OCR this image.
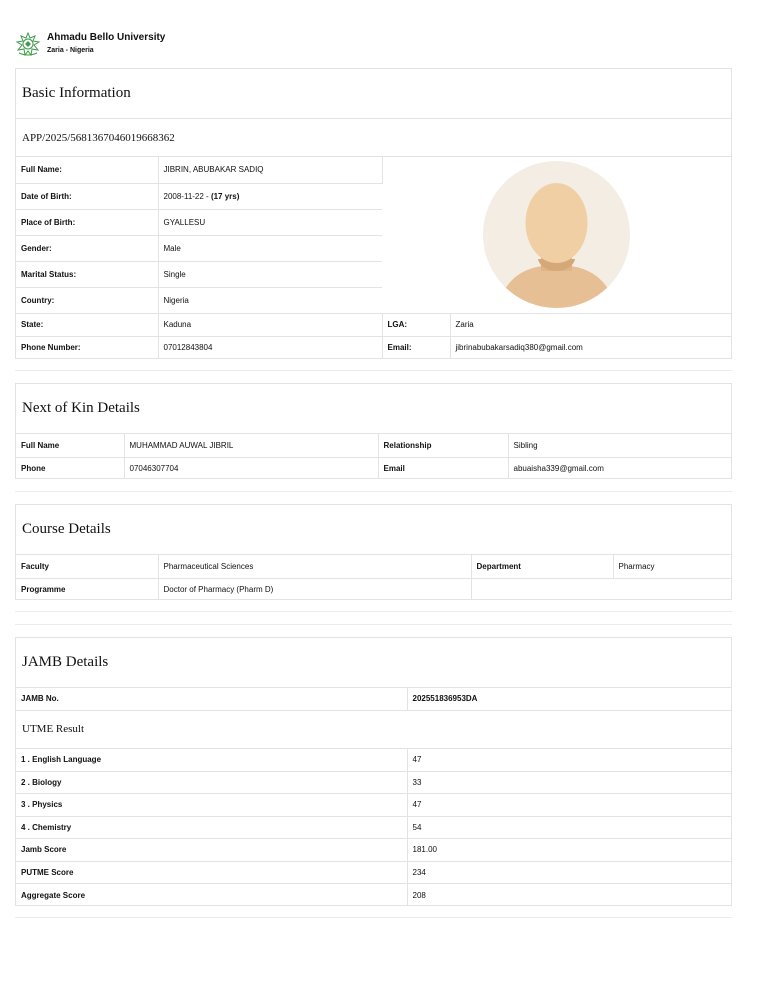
Ahmadu Bello University
Zaria - Nigeria
Basic Information
APP/2025/5681367046019668362
Full Name:	JIBRIN, ABUBAKAR SADIQ	
Date of Birth:	2008-11-22 - (17 yrs)		
Place of Birth:	GYALLESU		
Gender:	Male		
Marital Status:	Single		
Country:	Nigeria		
State:	Kaduna	LGA:	Zaria
Phone Number:	07012843804	Email:	jibrinabubakarsadiq380@gmail.com
Next of Kin Details
Full Name	MUHAMMAD AUWAL JIBRIL	Relationship	Sibling
Phone	07046307704	Email	abuaisha339@gmail.com
Course Details
Faculty	Pharmaceutical Sciences	Department	Pharmacy
Programme	Doctor of Pharmacy (Pharm D)		
JAMB Details
JAMB No.	202551836953DA
UTME Result
1 . English Language	47
2 . Biology	33
3 . Physics	47
4 . Chemistry	54
Jamb Score	181.00
PUTME Score	234
Aggregate Score	208
